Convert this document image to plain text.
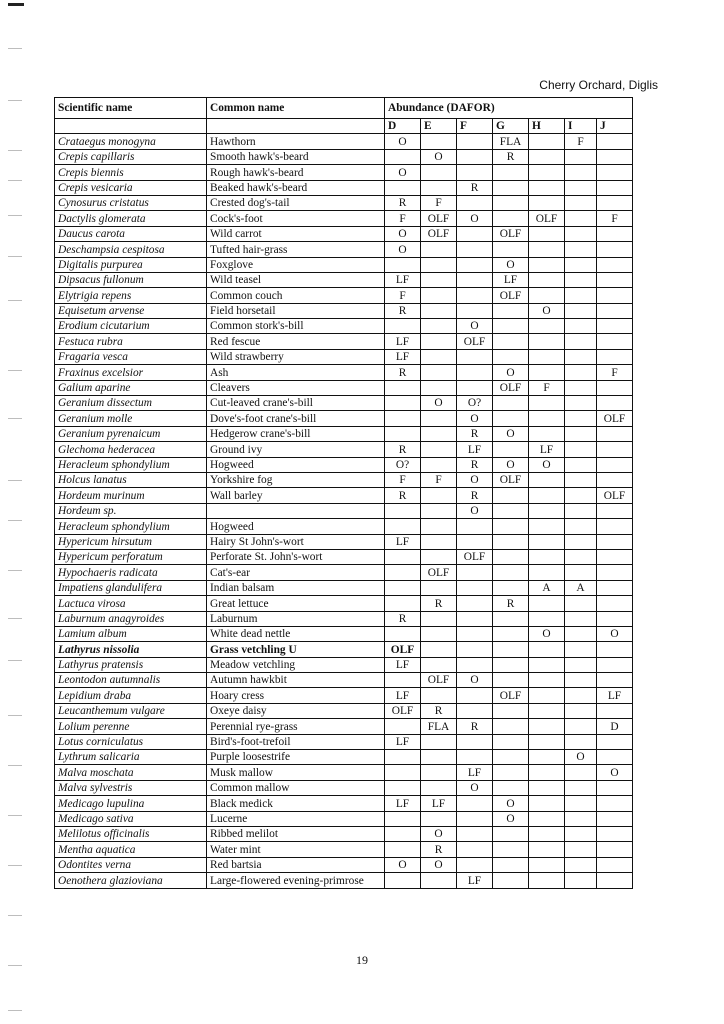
Cherry Orchard, Diglis
Scientific name	Common name	Abundance (DAFOR)						
		D	E	F	G	H	I	J
Crataegus monogyna	Hawthorn	O			FLA		F	
Crepis capillaris	Smooth hawk's-beard		O		R			
Crepis biennis	Rough hawk's-beard	O						
Crepis vesicaria	Beaked hawk's-beard			R				
Cynosurus cristatus	Crested dog's-tail	R	F					
Dactylis glomerata	Cock's-foot	F	OLF	O		OLF		F
Daucus carota	Wild carrot	O	OLF		OLF			
Deschampsia cespitosa	Tufted hair-grass	O						
Digitalis purpurea	Foxglove				O			
Dipsacus fullonum	Wild teasel	LF			LF			
Elytrigia repens	Common couch	F			OLF			
Equisetum arvense	Field horsetail	R				O		
Erodium cicutarium	Common stork's-bill			O				
Festuca rubra	Red fescue	LF		OLF				
Fragaria vesca	Wild strawberry	LF						
Fraxinus excelsior	Ash	R			O			F
Galium aparine	Cleavers				OLF	F		
Geranium dissectum	Cut-leaved crane's-bill		O	O?				
Geranium molle	Dove's-foot crane's-bill			O				OLF
Geranium pyrenaicum	Hedgerow crane's-bill			R	O			
Glechoma hederacea	Ground ivy	R		LF		LF		
Heracleum sphondylium	Hogweed	O?		R	O	O		
Holcus lanatus	Yorkshire fog	F	F	O	OLF			
Hordeum murinum	Wall barley	R		R				OLF
Hordeum sp.				O				
Heracleum sphondylium	Hogweed							
Hypericum hirsutum	Hairy St John's-wort	LF						
Hypericum perforatum	Perforate St. John's-wort			OLF				
Hypochaeris radicata	Cat's-ear		OLF					
Impatiens glandulifera	Indian balsam					A	A	
Lactuca virosa	Great lettuce		R		R			
Laburnum anagyroides	Laburnum	R						
Lamium album	White dead nettle					O		O
Lathyrus nissolia	Grass vetchling U	OLF						
Lathyrus pratensis	Meadow vetchling	LF						
Leontodon autumnalis	Autumn hawkbit		OLF	O				
Lepidium draba	Hoary cress	LF			OLF			LF
Leucanthemum vulgare	Oxeye daisy	OLF	R					
Lolium perenne	Perennial rye-grass		FLA	R				D
Lotus corniculatus	Bird's-foot-trefoil	LF						
Lythrum salicaria	Purple loosestrife						O	
Malva moschata	Musk mallow			LF				O
Malva sylvestris	Common mallow			O				
Medicago lupulina	Black medick	LF	LF		O			
Medicago sativa	Lucerne				O			
Melilotus officinalis	Ribbed melilot		O					
Mentha aquatica	Water mint		R					
Odontites verna	Red bartsia	O	O					
Oenothera glazioviana	Large-flowered evening-primrose			LF				
19
